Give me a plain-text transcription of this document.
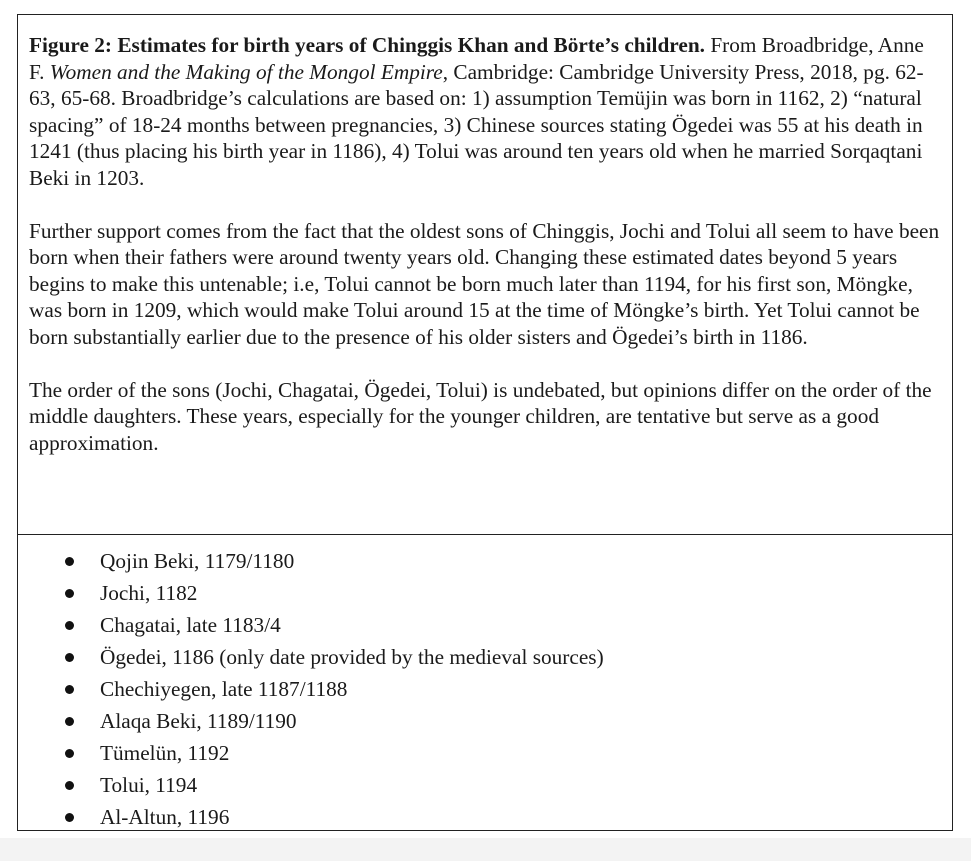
Figure 2: Estimates for birth years of Chinggis Khan and Börte’s children. From Broadbridge, Anne F. Women and the Making of the Mongol Empire, Cambridge: Cambridge University Press, 2018, pg. 62-63, 65-68. Broadbridge’s calculations are based on: 1) assumption Temüjin was born in 1162, 2) “natural spacing” of 18-24 months between pregnancies, 3) Chinese sources stating Ögedei was 55 at his death in 1241 (thus placing his birth year in 1186), 4) Tolui was around ten years old when he married Sorqaqtani Beki in 1203.

Further support comes from the fact that the oldest sons of Chinggis, Jochi and Tolui all seem to have been born when their fathers were around twenty years old. Changing these estimated dates beyond 5 years begins to make this untenable; i.e, Tolui cannot be born much later than 1194, for his first son, Möngke, was born in 1209, which would make Tolui around 15 at the time of Möngke’s birth. Yet Tolui cannot be born substantially earlier due to the presence of his older sisters and Ögedei’s birth in 1186.

The order of the sons (Jochi, Chagatai, Ögedei, Tolui) is undebated, but opinions differ on the order of the middle daughters. These years, especially for the younger children, are tentative but serve as a good approximation.

Qojin Beki, 1179/1180
Jochi, 1182
Chagatai, late 1183/4
Ögedei, 1186 (only date provided by the medieval sources)
Chechiyegen, late 1187/1188
Alaqa Beki, 1189/1190
Tümelün, 1192
Tolui, 1194
Al-Altun, 1196
